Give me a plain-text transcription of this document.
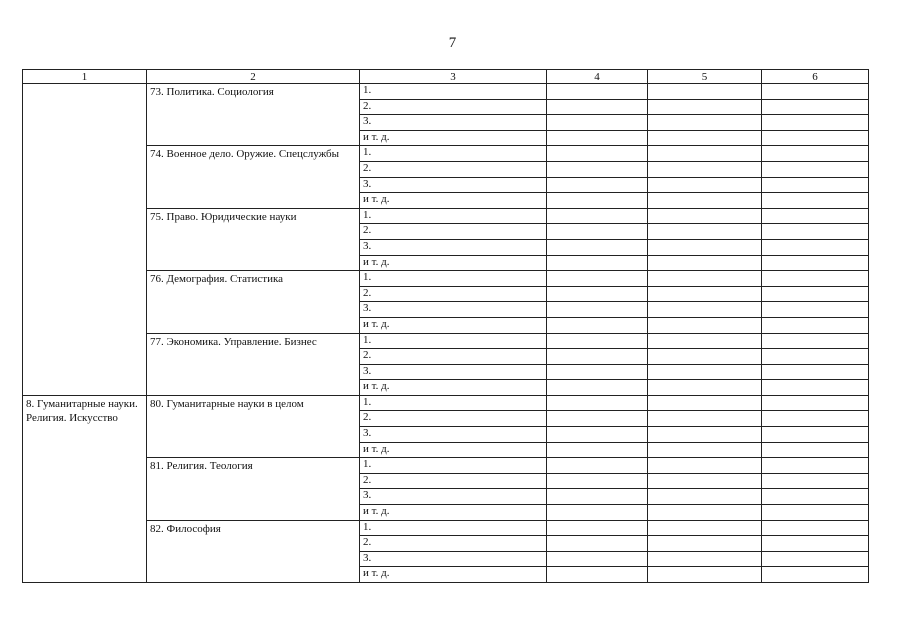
7
1	2	3	4	5	6
	73. Политика. Социология	1.			
		2.			
		3.			
		и т. д.			
	74. Военное дело. Оружие. Спецслужбы	1.			
		2.			
		3.			
		и т. д.			
	75. Право. Юридические науки	1.			
		2.			
		3.			
		и т. д.			
	76. Демография. Статистика	1.			
		2.			
		3.			
		и т. д.			
	77. Экономика. Управление. Бизнес	1.			
		2.			
		3.			
		и т. д.			
8. Гуманитарные науки. Религия. Искусство	80. Гуманитарные науки в целом	1.			
		2.			
		3.			
		и т. д.			
	81. Религия. Теология	1.			
		2.			
		3.			
		и т. д.			
	82. Философия	1.			
		2.			
		3.			
		и т. д.			
